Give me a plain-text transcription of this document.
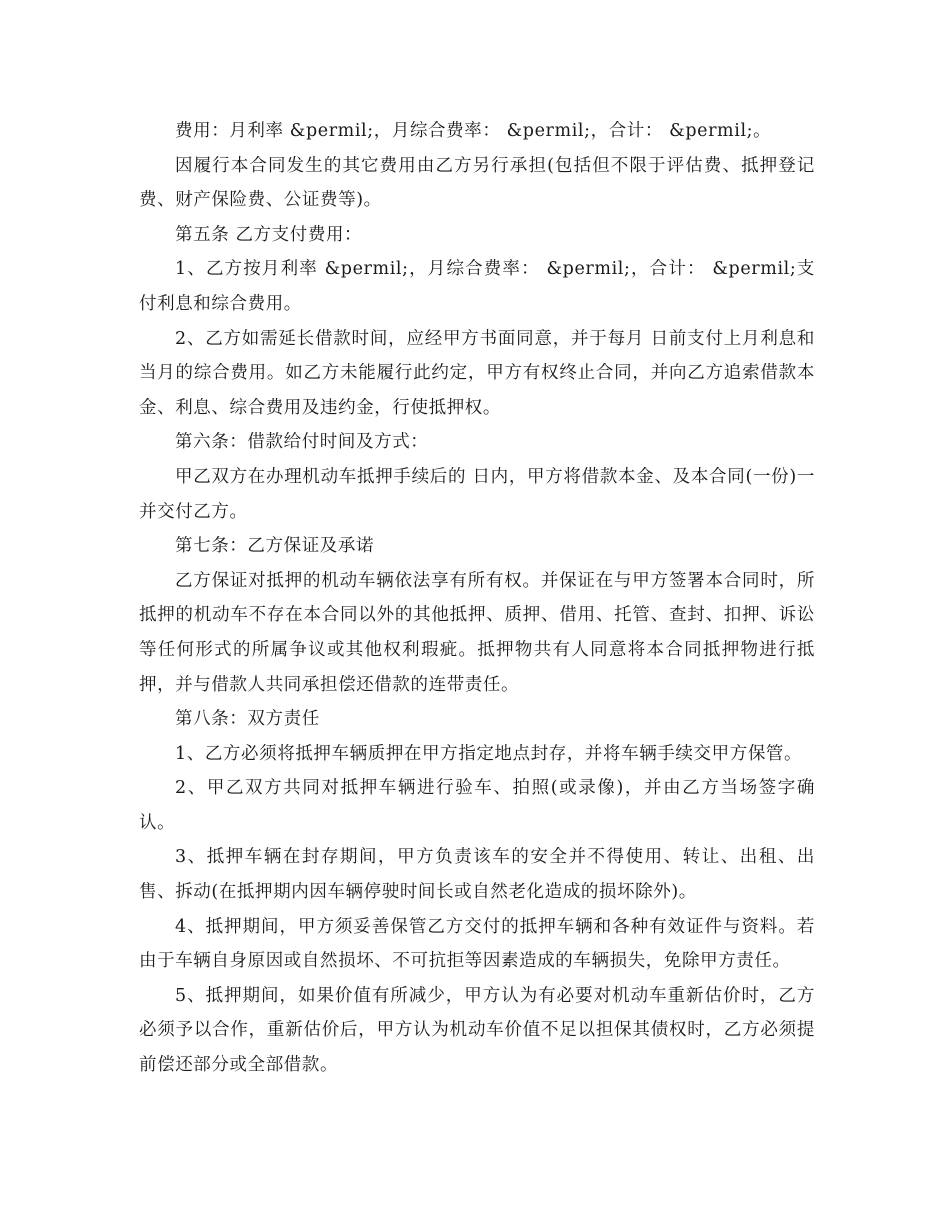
费用：月利率 &permil;，月综合费率： &permil;，合计： &permil;。

因履行本合同发生的其它费用由乙方另行承担(包括但不限于评估费、抵押登记费、财产保险费、公证费等)。

第五条 乙方支付费用：

1、乙方按月利率 &permil;，月综合费率： &permil;，合计： &permil;支付利息和综合费用。

2、乙方如需延长借款时间，应经甲方书面同意，并于每月 日前支付上月利息和当月的综合费用。如乙方未能履行此约定，甲方有权终止合同，并向乙方追索借款本金、利息、综合费用及违约金，行使抵押权。

第六条：借款给付时间及方式：

甲乙双方在办理机动车抵押手续后的 日内，甲方将借款本金、及本合同(一份)一并交付乙方。

第七条：乙方保证及承诺

乙方保证对抵押的机动车辆依法享有所有权。并保证在与甲方签署本合同时，所抵押的机动车不存在本合同以外的其他抵押、质押、借用、托管、查封、扣押、诉讼等任何形式的所属争议或其他权利瑕疵。抵押物共有人同意将本合同抵押物进行抵押，并与借款人共同承担偿还借款的连带责任。

第八条：双方责任

1、乙方必须将抵押车辆质押在甲方指定地点封存，并将车辆手续交甲方保管。

2、甲乙双方共同对抵押车辆进行验车、拍照(或录像)，并由乙方当场签字确认。

3、抵押车辆在封存期间，甲方负责该车的安全并不得使用、转让、出租、出售、拆动(在抵押期内因车辆停驶时间长或自然老化造成的损坏除外)。

4、抵押期间，甲方须妥善保管乙方交付的抵押车辆和各种有效证件与资料。若由于车辆自身原因或自然损坏、不可抗拒等因素造成的车辆损失，免除甲方责任。

5、抵押期间，如果价值有所减少，甲方认为有必要对机动车重新估价时，乙方必须予以合作，重新估价后，甲方认为机动车价值不足以担保其债权时，乙方必须提前偿还部分或全部借款。
